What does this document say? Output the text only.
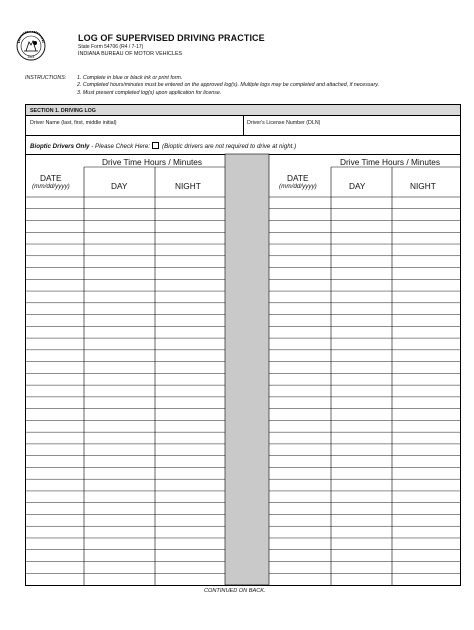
1816
LOG OF SUPERVISED DRIVING PRACTICE
State Form 54706 (R4 / 7-17)
INDIANA BUREAU OF MOTOR VEHICLES
INSTRUCTIONS: 1. Complete in blue or black ink or print form.
2. Completed hours/minutes must be entered on the approved log(s). Multiple logs may be completed and attached, if necessary.
3. Must present completed log(s) upon application for license.
SECTION 1. DRIVING LOG
Driver Name (last, first, middle initial)	Driver's License Number (DLN)
Bioptic Drivers Only - Please Check Here: (Bioptic drivers are not required to drive at night.)
Drive Time Hours / Minutes
DATE
(mm/dd/yyyy)	DAY	NIGHT
Drive Time Hours / Minutes
DATE
(mm/dd/yyyy)	DAY	NIGHT
CONTINUED ON BACK.
